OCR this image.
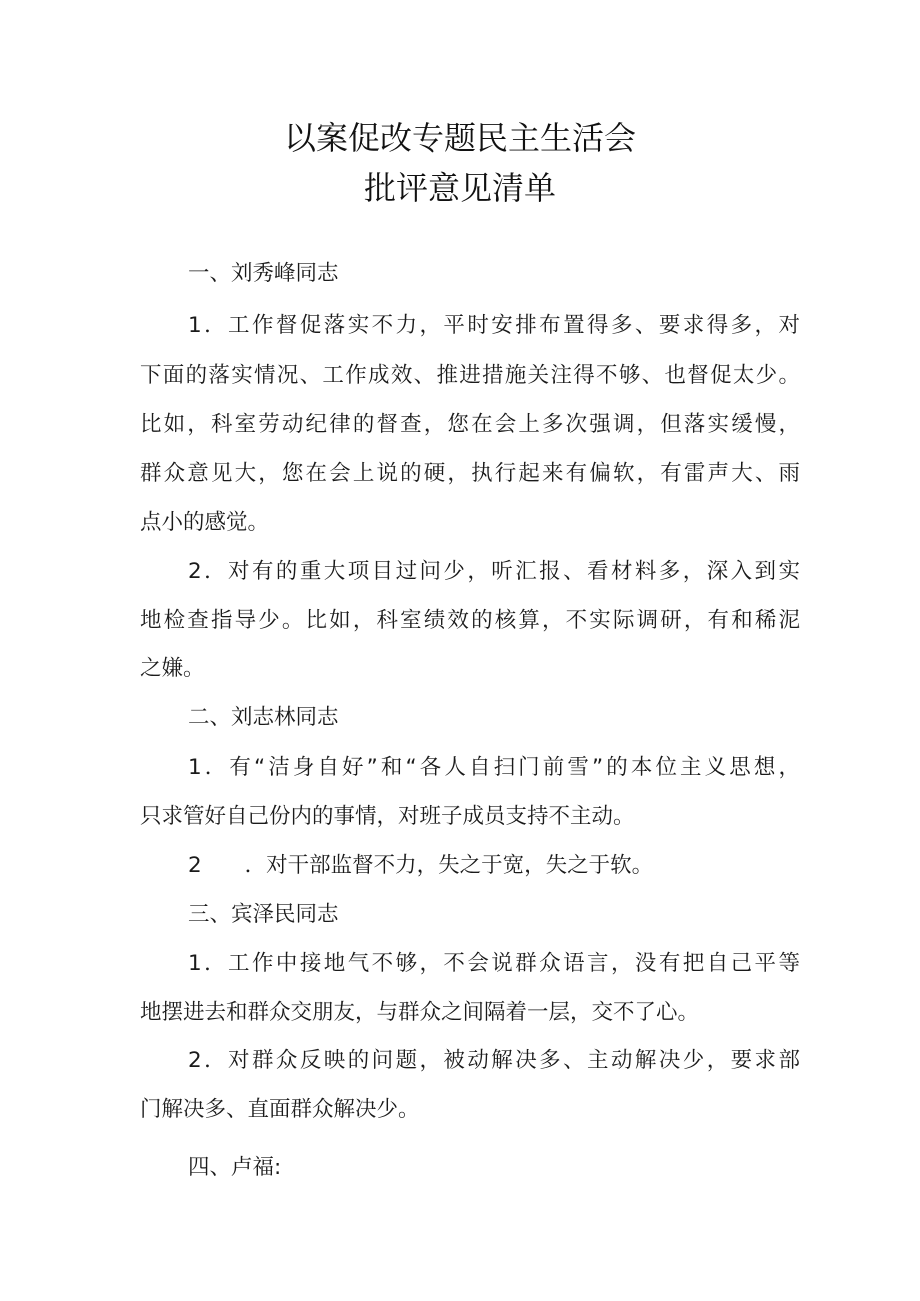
以案促改专题民主生活会
批评意见清单
一、刘秀峰同志
1．工作督促落实不力，平时安排布置得多、要求得多，对
下面的落实情况、工作成效、推进措施关注得不够、也督促太少。
比如，科室劳动纪律的督查，您在会上多次强调，但落实缓慢，
群众意见大，您在会上说的硬，执行起来有偏软，有雷声大、雨
点小的感觉。
2．对有的重大项目过问少，听汇报、看材料多，深入到实
地检查指导少。比如，科室绩效的核算，不实际调研，有和稀泥
之嫌。
二、刘志林同志
1．有“洁身自好”和“各人自扫门前雪”的本位主义思想，
只求管好自己份内的事情，对班子成员支持不主动。
2　　．对干部监督不力，失之于宽，失之于软。
三、宾泽民同志
1．工作中接地气不够，不会说群众语言，没有把自己平等
地摆进去和群众交朋友，与群众之间隔着一层，交不了心。
2．对群众反映的问题，被动解决多、主动解决少，要求部
门解决多、直面群众解决少。
四、卢福:
